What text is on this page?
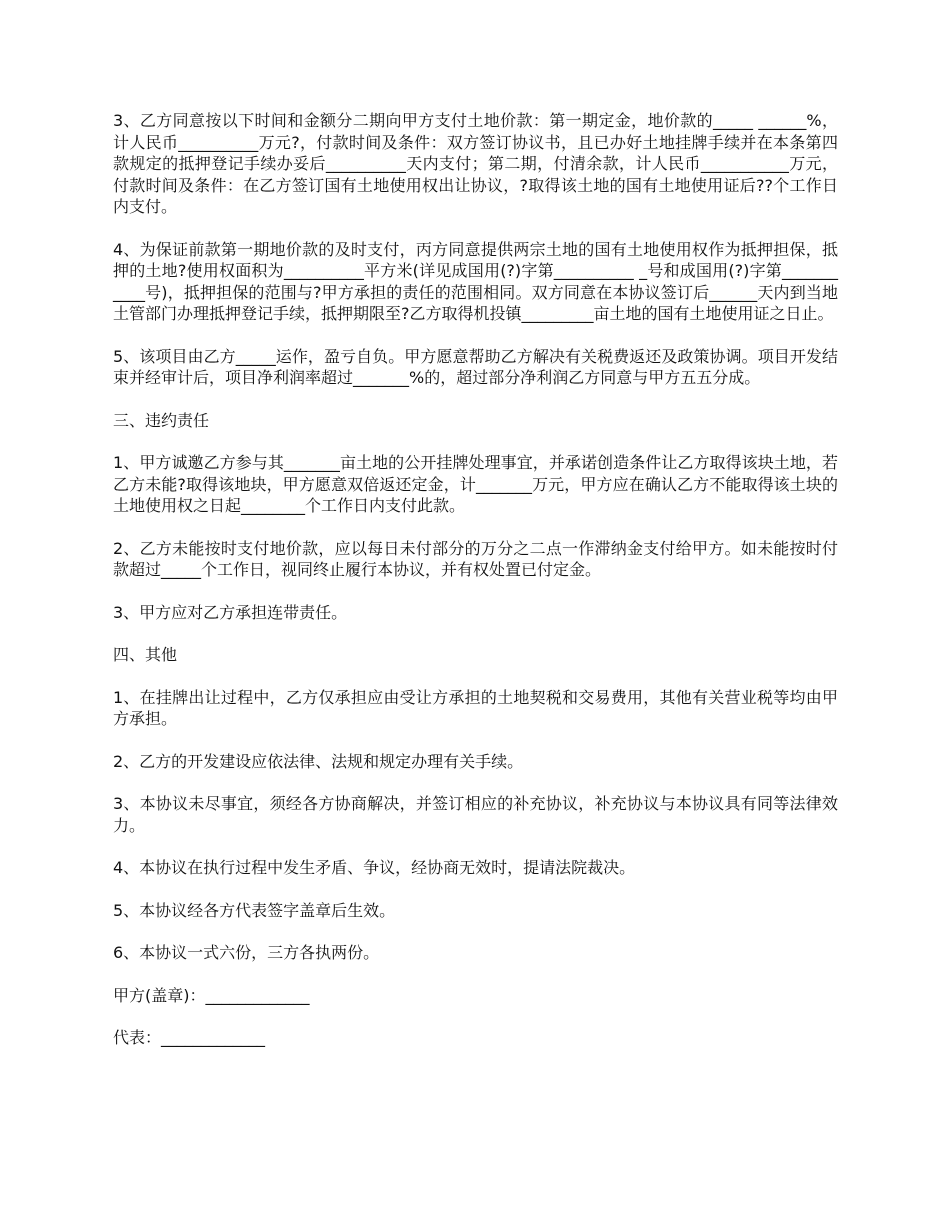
3、乙方同意按以下时间和金额分二期向甲方支付土地价款：第一期定金，地价款的_____ ______%，计人民币__________万元?，付款时间及条件：双方签订协议书，且已办好土地挂牌手续并在本条第四款规定的抵押登记手续办妥后__________天内支付；第二期，付清余款，计人民币___________万元，付款时间及条件：在乙方签订国有土地使用权出让协议，?取得该土地的国有土地使用证后??个工作日内支付。

4、为保证前款第一期地价款的及时支付，丙方同意提供两宗土地的国有土地使用权作为抵押担保，抵押的土地?使用权面积为__________平方米(详见成国用(?)字第__________ _号和成国用(?)字第___________号)，抵押担保的范围与?甲方承担的责任的范围相同。双方同意在本协议签订后______天内到当地土管部门办理抵押登记手续，抵押期限至?乙方取得机投镇_________亩土地的国有土地使用证之日止。

5、该项目由乙方_____运作，盈亏自负。甲方愿意帮助乙方解决有关税费返还及政策协调。项目开发结束并经审计后，项目净利润率超过_______%的，超过部分净利润乙方同意与甲方五五分成。

三、违约责任

1、甲方诚邀乙方参与其_______亩土地的公开挂牌处理事宜，并承诺创造条件让乙方取得该块土地，若乙方未能?取得该地块，甲方愿意双倍返还定金，计_______万元，甲方应在确认乙方不能取得该土块的土地使用权之日起________个工作日内支付此款。

2、乙方未能按时支付地价款，应以每日未付部分的万分之二点一作滞纳金支付给甲方。如未能按时付款超过_____个工作日，视同终止履行本协议，并有权处置已付定金。

3、甲方应对乙方承担连带责任。

四、其他

1、在挂牌出让过程中，乙方仅承担应由受让方承担的土地契税和交易费用，其他有关营业税等均由甲方承担。

2、乙方的开发建设应依法律、法规和规定办理有关手续。

3、本协议未尽事宜，须经各方协商解决，并签订相应的补充协议，补充协议与本协议具有同等法律效力。

4、本协议在执行过程中发生矛盾、争议，经协商无效时，提请法院裁决。

5、本协议经各方代表签字盖章后生效。

6、本协议一式六份，三方各执两份。

甲方(盖章)：_____________

代表：_____________
